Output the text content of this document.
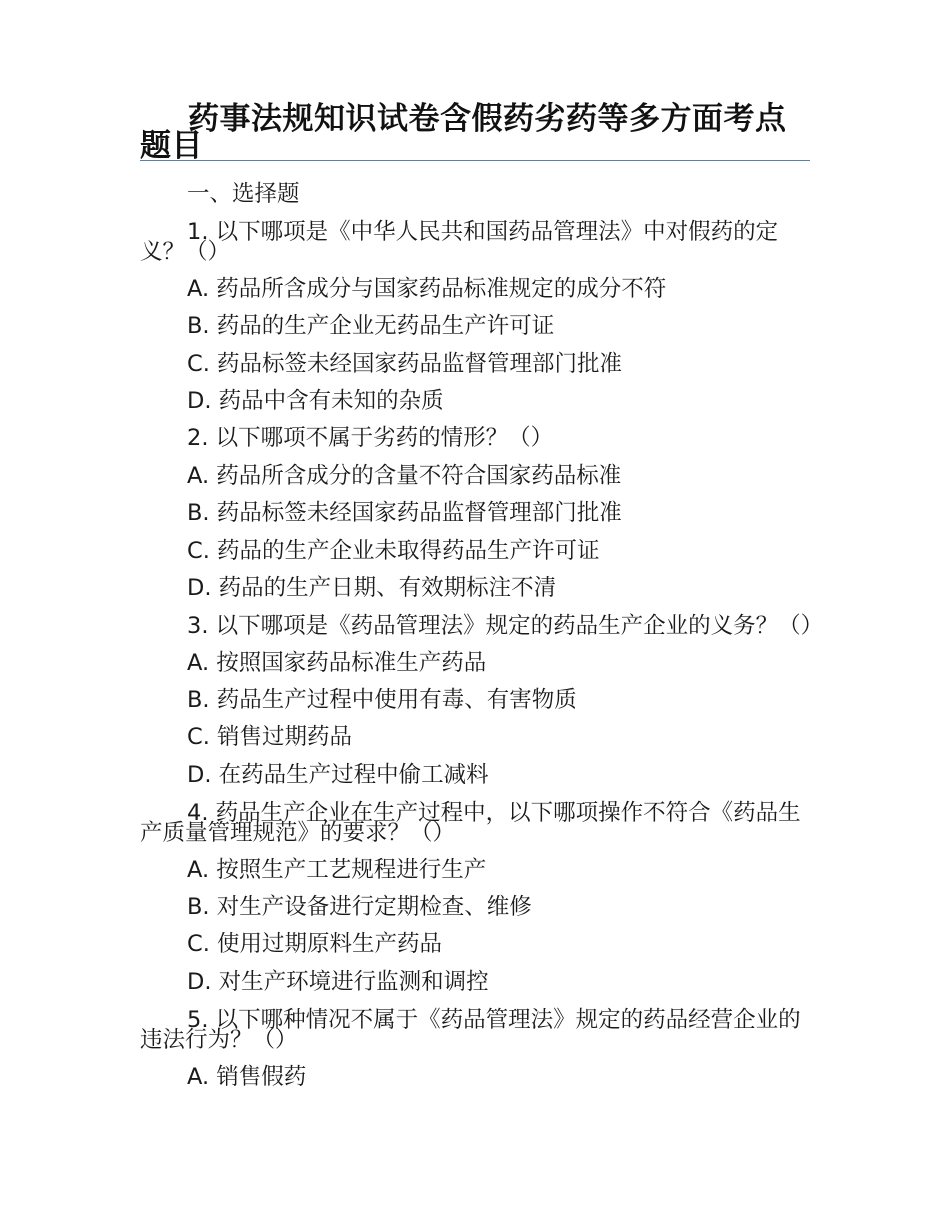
药事法规知识试卷含假药劣药等多方面考点题目
一、选择题
1. 以下哪项是《中华人民共和国药品管理法》中对假药的定义？（）
A. 药品所含成分与国家药品标准规定的成分不符
B. 药品的生产企业无药品生产许可证
C. 药品标签未经国家药品监督管理部门批准
D. 药品中含有未知的杂质
2. 以下哪项不属于劣药的情形？（）
A. 药品所含成分的含量不符合国家药品标准
B. 药品标签未经国家药品监督管理部门批准
C. 药品的生产企业未取得药品生产许可证
D. 药品的生产日期、有效期标注不清
3. 以下哪项是《药品管理法》规定的药品生产企业的义务？（）
A. 按照国家药品标准生产药品
B. 药品生产过程中使用有毒、有害物质
C. 销售过期药品
D. 在药品生产过程中偷工减料
4. 药品生产企业在生产过程中，以下哪项操作不符合《药品生产质量管理规范》的要求？（）
A. 按照生产工艺规程进行生产
B. 对生产设备进行定期检查、维修
C. 使用过期原料生产药品
D. 对生产环境进行监测和调控
5. 以下哪种情况不属于《药品管理法》规定的药品经营企业的违法行为？（）
A. 销售假药
